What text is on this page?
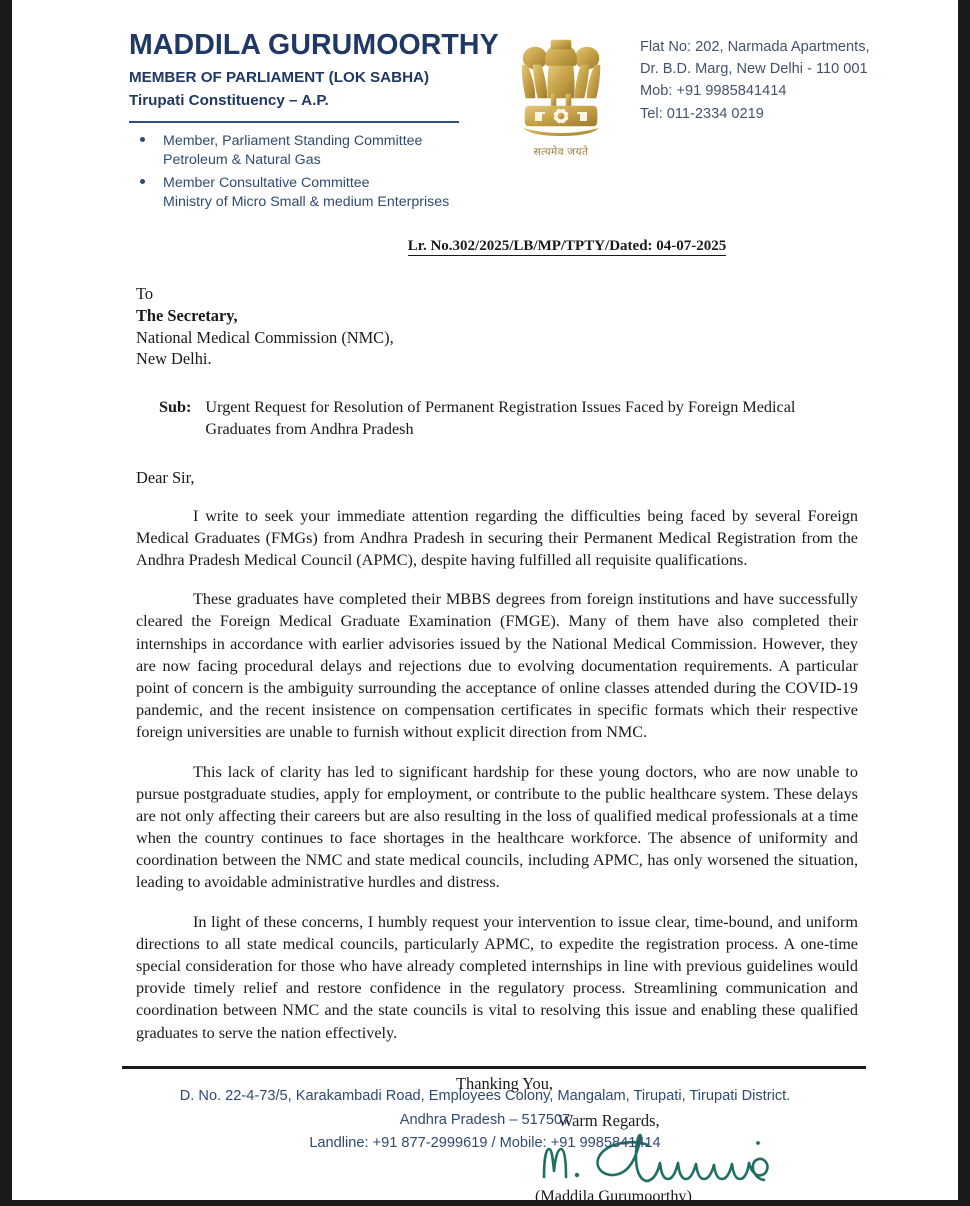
MADDILA GURUMOORTHY
MEMBER OF PARLIAMENT (LOK SABHA)
Tirupati Constituency – A.P.
Member, Parliament Standing Committee
Petroleum & Natural Gas
Member Consultative Committee
Ministry of Micro Small & medium Enterprises
सत्यमेव जयते
Flat No: 202, Narmada Apartments,
Dr. B.D. Marg, New Delhi - 110 001
Mob: +91 9985841414
Tel: 011-2334 0219
Lr. No.302/2025/LB/MP/TPTY/Dated: 04-07-2025
To
The Secretary,
National Medical Commission (NMC),
New Delhi.
Sub: Urgent Request for Resolution of Permanent Registration Issues Faced by Foreign Medical Graduates from Andhra Pradesh
Dear Sir,

I write to seek your immediate attention regarding the difficulties being faced by several Foreign Medical Graduates (FMGs) from Andhra Pradesh in securing their Permanent Medical Registration from the Andhra Pradesh Medical Council (APMC), despite having fulfilled all requisite qualifications.

These graduates have completed their MBBS degrees from foreign institutions and have successfully cleared the Foreign Medical Graduate Examination (FMGE). Many of them have also completed their internships in accordance with earlier advisories issued by the National Medical Commission. However, they are now facing procedural delays and rejections due to evolving documentation requirements. A particular point of concern is the ambiguity surrounding the acceptance of online classes attended during the COVID-19 pandemic, and the recent insistence on compensation certificates in specific formats which their respective foreign universities are unable to furnish without explicit direction from NMC.

This lack of clarity has led to significant hardship for these young doctors, who are now unable to pursue postgraduate studies, apply for employment, or contribute to the public healthcare system. These delays are not only affecting their careers but are also resulting in the loss of qualified medical professionals at a time when the country continues to face shortages in the healthcare workforce. The absence of uniformity and coordination between the NMC and state medical councils, including APMC, has only worsened the situation, leading to avoidable administrative hurdles and distress.

In light of these concerns, I humbly request your intervention to issue clear, time-bound, and uniform directions to all state medical councils, particularly APMC, to expedite the registration process. A one-time special consideration for those who have already completed internships in line with previous guidelines would provide timely relief and restore confidence in the regulatory process. Streamlining communication and coordination between NMC and the state councils is vital to resolving this issue and enabling these qualified graduates to serve the nation effectively.

Thanking You,
Warm Regards,
(Maddila Gurumoorthy)
D. No. 22-4-73/5, Karakambadi Road, Employees Colony, Mangalam, Tirupati, Tirupati District.
Andhra Pradesh – 517507
Landline: +91 877-2999619 / Mobile: +91 9985841414
